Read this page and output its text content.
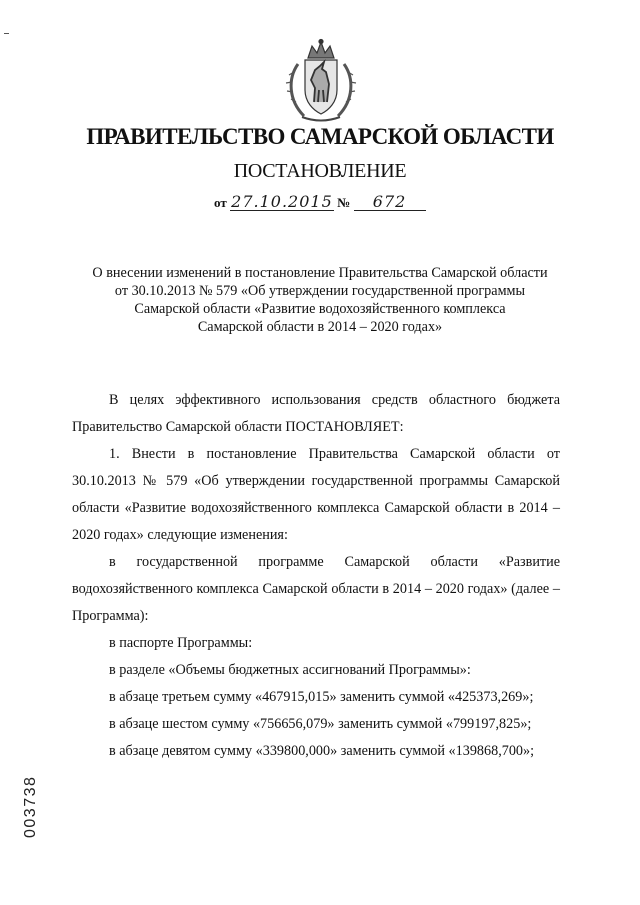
ПРАВИТЕЛЬСТВО САМАРСКОЙ ОБЛАСТИ
ПОСТАНОВЛЕНИЕ
от 27.10.2015 № 672
О внесении изменений в постановление Правительства Самарской области
от 30.10.2013 № 579 «Об утверждении государственной программы
Самарской области «Развитие водохозяйственного комплекса
Самарской области в 2014 – 2020 годах»

В целях эффективного использования средств областного бюджета Правительство Самарской области ПОСТАНОВЛЯЕТ:

1. Внести в постановление Правительства Самарской области от 30.10.2013 № 579 «Об утверждении государственной программы Самарской области «Развитие водохозяйственного комплекса Самарской области в 2014 – 2020 годах» следующие изменения:

в государственной программе Самарской области «Развитие водохозяйственного комплекса Самарской области в 2014 – 2020 годах» (далее – Программа):

в паспорте Программы:

в разделе «Объемы бюджетных ассигнований Программы»:

в абзаце третьем сумму «467915,015» заменить суммой «425373,269»;

в абзаце шестом сумму «756656,079» заменить суммой «799197,825»;

в абзаце девятом сумму «339800,000» заменить суммой «139868,700»;

003738
